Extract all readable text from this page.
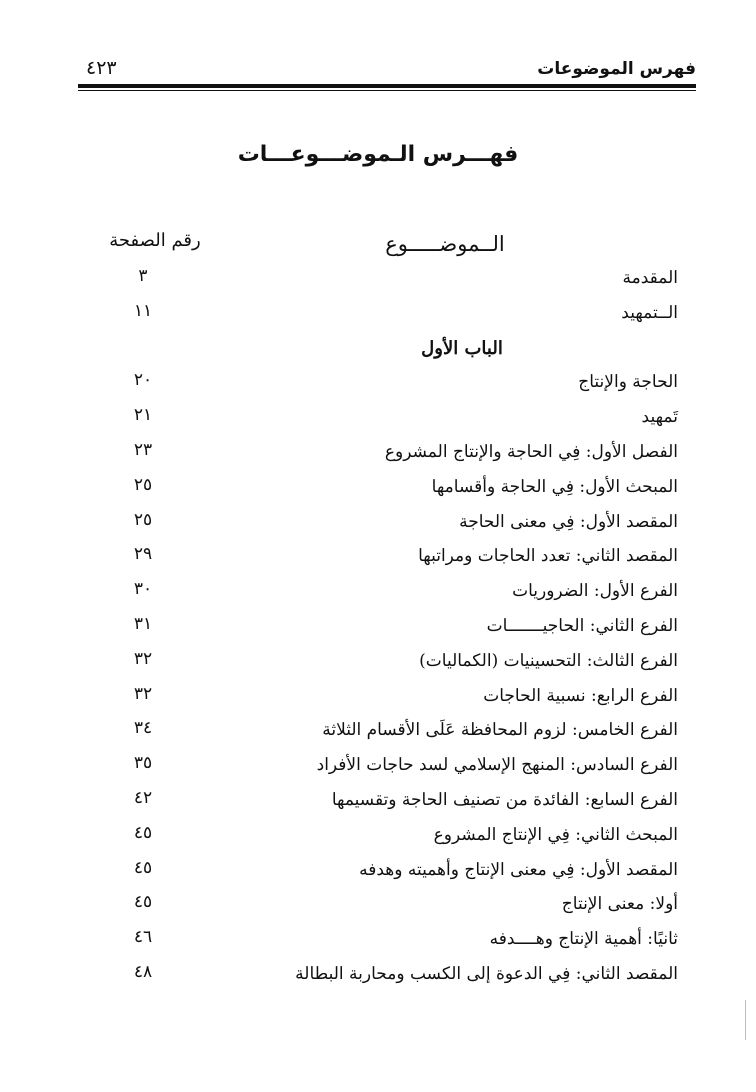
فهرس الموضوعات
٤٢٣
فهـــرس الـموضـــوعـــات
الــموضـــــوع
رقم الصفحة
المقدمة
٣
الــتمهيد
١١
الباب الأول
الحاجة والإنتاج
٢٠
تَمهيد
٢١
الفصل الأول: فِي الحاجة والإنتاج المشروع
٢٣
المبحث الأول: فِي الحاجة وأقسامها
٢٥
المقصد الأول: فِي معنى الحاجة
٢٥
المقصد الثاني: تعدد الحاجات ومراتبها
٢٩
الفرع الأول: الضروريات
٣٠
الفرع الثاني: الحاجيـــــــات
٣١
الفرع الثالث: التحسينيات (الكماليات)
٣٢
الفرع الرابع: نسبية الحاجات
٣٢
الفرع الخامس: لزوم المحافظة عَلَى الأقسام الثلاثة
٣٤
الفرع السادس: المنهج الإسلامي لسد حاجات الأفراد
٣٥
الفرع السابع: الفائدة من تصنيف الحاجة وتقسيمها
٤٢
المبحث الثاني: فِي الإنتاج المشروع
٤٥
المقصد الأول: فِي معنى الإنتاج وأهميته وهدفه
٤٥
أولا: معنى الإنتاج
٤٥
ثانيًا: أهمية الإنتاج وهــــدفه
٤٦
المقصد الثاني: فِي الدعوة إلى الكسب ومحاربة البطالة
٤٨
